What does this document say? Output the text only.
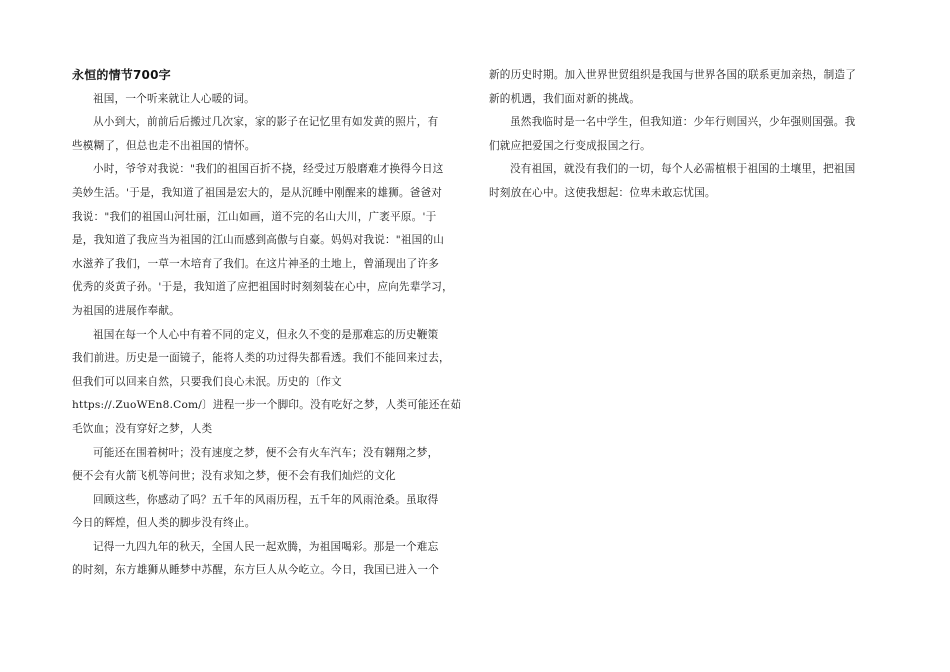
永恒的情节700字
祖国，一个听来就让人心暖的词。
从小到大，前前后后搬过几次家，家的影子在记忆里有如发黄的照片，有
些模糊了，但总也走不出祖国的情怀。
小时，爷爷对我说："我们的祖国百折不挠，经受过万般磨难才换得今日这
美妙生活。'于是，我知道了祖国是宏大的，是从沉睡中刚醒来的雄狮。爸爸对
我说："我们的祖国山河壮丽，江山如画，道不完的名山大川，广袤平原。'于
是，我知道了我应当为祖国的江山而感到高傲与自豪。妈妈对我说："祖国的山
水滋养了我们，一草一木培育了我们。在这片神圣的土地上，曾涌现出了许多
优秀的炎黄子孙。'于是，我知道了应把祖国时时刻刻装在心中，应向先辈学习，
为祖国的进展作奉献。
祖国在每一个人心中有着不同的定义，但永久不变的是那难忘的历史鞭策
我们前进。历史是一面镜子，能将人类的功过得失都看透。我们不能回来过去，
但我们可以回来自然，只要我们良心未泯。历史的〔作文
https://.ZuoWEn8.Com/〕进程一步一个脚印。没有吃好之梦，人类可能还在茹
毛饮血；没有穿好之梦，人类
可能还在围着树叶；没有速度之梦，便不会有火车汽车；没有翱翔之梦，
便不会有火箭飞机等问世；没有求知之梦，便不会有我们灿烂的文化
回顾这些，你感动了吗？五千年的风雨历程，五千年的风雨沧桑。虽取得
今日的辉煌，但人类的脚步没有终止。
记得一九四九年的秋天，全国人民一起欢腾，为祖国喝彩。那是一个难忘
的时刻，东方雄狮从睡梦中苏醒，东方巨人从今屹立。今日，我国已进入一个
新的历史时期。加入世界世贸组织是我国与世界各国的联系更加亲热，制造了
新的机遇，我们面对新的挑战。
虽然我临时是一名中学生，但我知道：少年行则国兴，少年强则国强。我
们就应把爱国之行变成报国之行。
没有祖国，就没有我们的一切，每个人必需植根于祖国的土壤里，把祖国
时刻放在心中。这使我想起：位卑未敢忘忧国。
